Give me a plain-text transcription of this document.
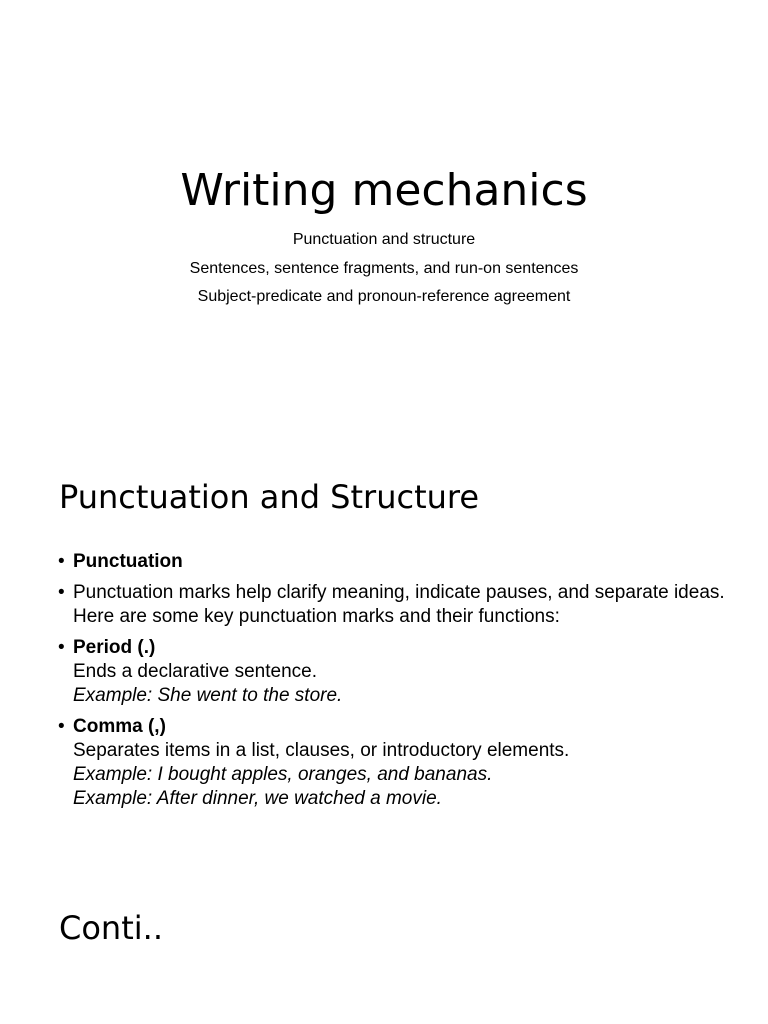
Writing mechanics
Punctuation and structure
Sentences, sentence fragments, and run-on sentences
Subject-predicate and pronoun-reference agreement
Punctuation and Structure
• Punctuation
• Punctuation marks help clarify meaning, indicate pauses, and separate ideas. Here are some key punctuation marks and their functions:
• Period (.)
Ends a declarative sentence.
Example: She went to the store.
• Comma (,)
Separates items in a list, clauses, or introductory elements.
Example: I bought apples, oranges, and bananas.
Example: After dinner, we watched a movie.
Conti..
